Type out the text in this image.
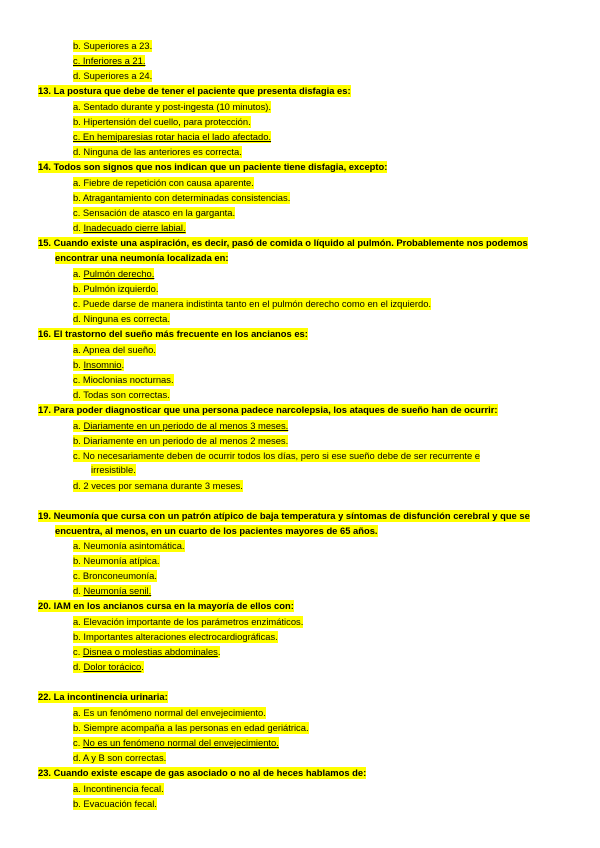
b. Superiores a 23.
c. Inferiores a 21.
d. Superiores a 24.
13. La postura que debe de tener el paciente que presenta disfagia es:
a. Sentado durante y post-ingesta (10 minutos).
b. Hipertensión del cuello, para protección.
c. En hemiparesias rotar hacia el lado afectado.
d. Ninguna de las anteriores es correcta.
14. Todos son signos que nos indican que un paciente tiene disfagia, excepto:
a. Fiebre de repetición con causa aparente.
b. Atragantamiento con determinadas consistencias.
c. Sensación de atasco en la garganta.
d. Inadecuado cierre labial.
15. Cuando existe una aspiración, es decir, pasó de comida o líquido al pulmón. Probablemente nos podemos
encontrar una neumonía localizada en:
a. Pulmón derecho.
b. Pulmón izquierdo.
c. Puede darse de manera indistinta tanto en el pulmón derecho como en el izquierdo.
d. Ninguna es correcta.
16. El trastorno del sueño más frecuente en los ancianos es:
a. Apnea del sueño.
b. Insomnio.
c. Mioclonias nocturnas.
d. Todas son correctas.
17. Para poder diagnosticar que una persona padece narcolepsia, los ataques de sueño han de ocurrir:
a. Diariamente en un periodo de al menos 3 meses.
b. Diariamente en un periodo de al menos 2 meses.
c. No necesariamente deben de ocurrir todos los días, pero si ese sueño debe de ser recurrente e
irresistible.
d. 2 veces por semana durante 3 meses.
19. Neumonía que cursa con un patrón atípico de baja temperatura y síntomas de disfunción cerebral y que se
encuentra, al menos, en un cuarto de los pacientes mayores de 65 años.
a. Neumonía asintomática.
b. Neumonía atípica.
c. Bronconeumonía.
d. Neumonía senil.
20. IAM en los ancianos cursa en la mayoría de ellos con:
a. Elevación importante de los parámetros enzimáticos.
b. Importantes alteraciones electrocardiográficas.
c. Disnea o molestias abdominales.
d. Dolor torácico.
22. La incontinencia urinaria:
a. Es un fenómeno normal del envejecimiento.
b. Siempre acompaña a las personas en edad geriátrica.
c. No es un fenómeno normal del envejecimiento.
d. A y B son correctas.
23. Cuando existe escape de gas asociado o no al de heces hablamos de:
a. Incontinencia fecal.
b. Evacuación fecal.
